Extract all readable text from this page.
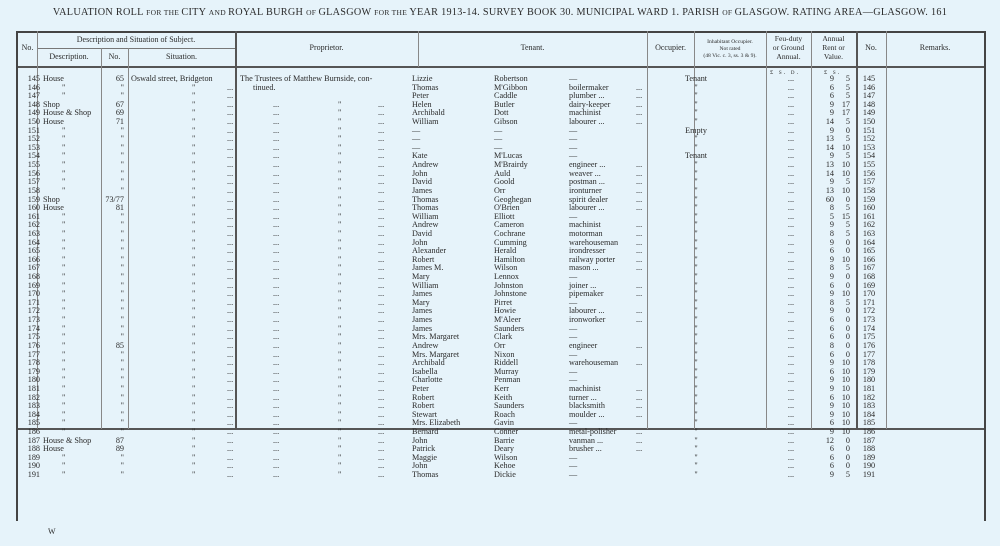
VALUATION ROLL FOR THE CITY AND ROYAL BURGH OF GLASGOW FOR THE YEAR 1913-14. SURVEY BOOK 30. MUNICIPAL WARD 1. PARISH OF GLASGOW. RATING AREA—GLASGOW. 161
No.
Description and Situation of Subject.
Description.	No.	Situation.
Proprietor.	Tenant.	Occupier.
Inhabitant Occupier.
Not rated
(48 Vic. c. 3, ss. 3 & 9).
Feu-duty
or Ground
Annual.
Annual
Rent or
Value.
No.	Remarks.
£ s. d.	£ s.
145 House	65 Oswald street, Bridgeton	The Trustees of Matthew Burnside, con-	Lizzie	Robertson	—	Tenant	...	9	5	145
146	"	"	"	... tinued.	Thomas	M'Gibbon	boilermaker	...	"	...	6	5	146
147	"	"	"	...	Peter	Caddle	plumber ...	...	"	...	6	5	147
148 Shop	67	"	...	...	"	...	Helen	Butler	dairy-keeper	...	"	...	9 17	148
149 House & Shop	69	"	...	...	"	...	Archibald	Dott	machinist	...	"	...	9 17	149
150 House	71	"	...	...	"	...	William	Gibson	labourer ...	...	"	...	14	5	150
151	"	"	"	...	...	"	...	—	—	—	Empty	...	9	0	151
152	"	"	"	...	...	"	...	—	—	—	"	...	13	5	152
153	"	"	"	...	...	"	...	—	—	—	"	...	14 10	153
154	"	"	"	...	...	"	...	Kate	M'Lucas	—	Tenant	...	9	5	154
155	"	"	"	...	...	"	...	Andrew	M'Brairdy	engineer ...	...	"	...	13 10	155
156	"	"	"	...	...	"	...	John	Auld	weaver ...	...	"	...	14 10	156
157	"	"	"	...	...	"	...	David	Goold	postman ...	...	"	...	9	5	157
158	"	"	"	...	...	"	...	James	Orr	ironturner	...	"	...	13 10	158
159 Shop	73/77	"	...	...	"	...	Thomas	Geoghegan	spirit dealer	...	"	...	60	0	159
160 House	81	"	...	...	"	...	Thomas	O'Brien	labourer ...	...	"	...	8	5	160
161	"	"	"	...	...	"	...	William	Elliott	—	"	...	5 15	161
162	"	"	"	...	...	"	...	Andrew	Cameron	machinist	...	"	...	9	5	162
163	"	"	"	...	...	"	...	David	Cochrane	motorman	...	"	...	8	5	163
164	"	"	"	...	...	"	...	John	Cumming	warehouseman ...	"	...	9	0	164
165	"	"	"	...	...	"	...	Alexander	Herald	irondresser	...	"	...	6	0	165
166	"	"	"	...	...	"	...	Robert	Hamilton	railway porter	...	"	...	9 10	166
167	"	"	"	...	...	"	...	James M.	Wilson	mason ...	...	"	...	8	5	167
168	"	"	"	...	...	"	...	Mary	Lennox	—	"	...	9	0	168
169	"	"	"	...	...	"	...	William	Johnston	joiner ...	...	"	...	6	0	169
170	"	"	"	...	...	"	...	James	Johnstone	pipemaker	...	"	...	9 10	170
171	"	"	"	...	...	"	...	Mary	Pirret	—	"	...	8	5	171
172	"	"	"	...	...	"	...	James	Howie	labourer ...	...	"	...	9	0	172
173	"	"	"	...	...	"	...	James	M'Aleer	ironworker	...	"	...	6	0	173
174	"	"	"	...	...	"	...	James	Saunders	—	"	...	6	0	174
175	"	"	"	...	...	"	...	Mrs. Margaret	Clark	—	"	...	6	0	175
176	"	85	"	...	...	"	...	Andrew	Orr	engineer	...	"	...	8	0	176
177	"	"	"	...	...	"	...	Mrs. Margaret	Nixon	—	"	...	6	0	177
178	"	"	"	...	...	"	...	Archibald	Riddell	warehouseman ...	"	...	9 10	178
179	"	"	"	...	...	"	...	Isabella	Murray	—	"	...	6 10	179
180	"	"	"	...	...	"	...	Charlotte	Penman	—	"	...	9 10	180
181	"	"	"	...	...	"	...	Peter	Kerr	machinist	...	"	...	9 10	181
182	"	"	"	...	...	"	...	Robert	Keith	turner ...	...	"	...	6 10	182
183	"	"	"	...	...	"	...	Robert	Saunders	blacksmith	...	"	...	9 10	183
184	"	"	"	...	...	"	...	Stewart	Roach	moulder ...	...	"	...	9 10	184
185	"	"	"	...	...	"	...	Mrs. Elizabeth	Gavin	—	"	...	6 10	185
186	"	"	"	...	...	"	...	Bernard	Conner	metal-polisher ...	"	...	9 10	186
187 House & Shop	87	"	...	...	"	...	John	Barrie	vanman ...	...	"	...	12	0	187
188 House	89	"	...	...	"	...	Patrick	Deary	brusher ...	...	"	...	6	0	188
189	"	"	"	...	...	"	...	Maggie	Wilson	—	"	...	6	0	189
190	"	"	"	...	...	"	...	John	Kehoe	—	"	...	6	0	190
191	"	"	"	...	...	"	...	Thomas	Dickie	—	"	...	9	5	191
W
